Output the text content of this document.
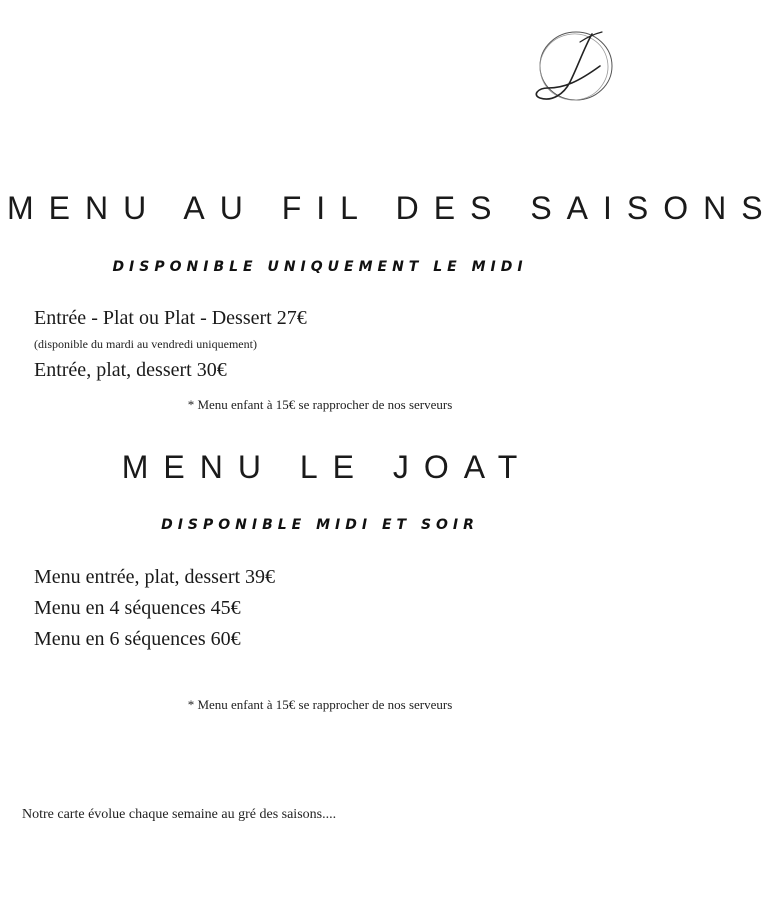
MENU AU FIL DES SAISONS
DISPONIBLE UNIQUEMENT LE MIDI
Entrée - Plat ou Plat - Dessert 27€
(disponible du mardi au vendredi uniquement)
Entrée, plat, dessert 30€
* Menu enfant à 15€ se rapprocher de nos serveurs
MENU LE JOAT
DISPONIBLE MIDI ET SOIR
Menu entrée, plat, dessert 39€
Menu en 4 séquences 45€
Menu en 6 séquences 60€
* Menu enfant à 15€ se rapprocher de nos serveurs
Notre carte évolue chaque semaine au gré des saisons....
